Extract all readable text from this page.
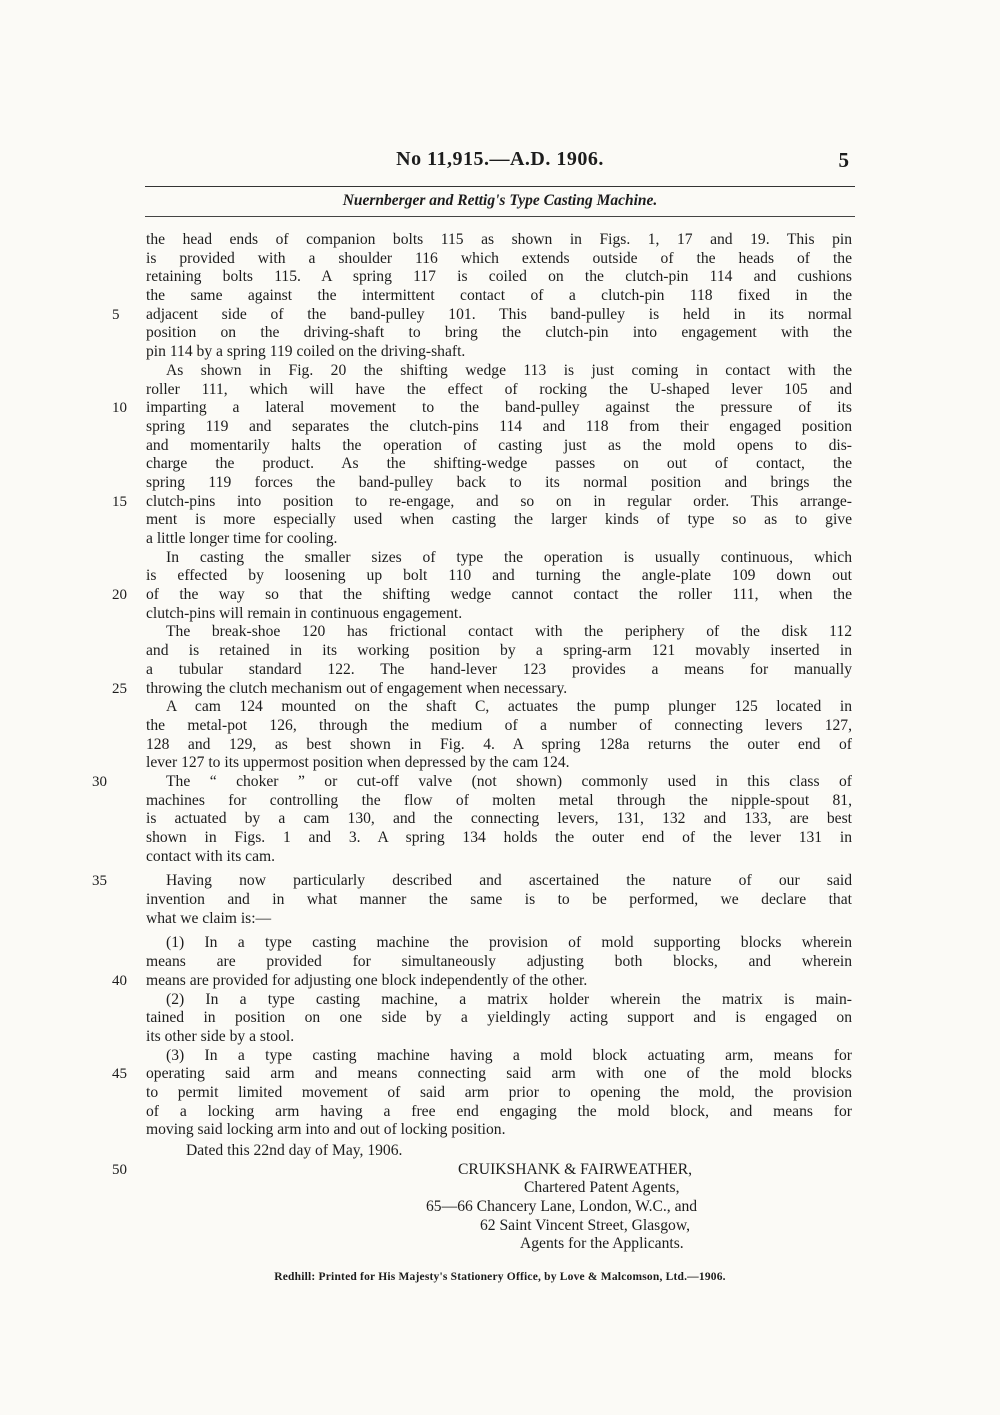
No 11,915.—A.D. 1906.	5
Nuernberger and Rettig's Type Casting Machine.
the head ends of companion bolts 115 as shown in Figs. 1, 17 and 19. This pin
is provided with a shoulder 116 which extends outside of the heads of the
retaining bolts 115. A spring 117 is coiled on the clutch-pin 114 and cushions
the same against the intermittent contact of a clutch-pin 118 fixed in the
5	adjacent side of the band-pulley 101. This band-pulley is held in its normal
position on the driving-shaft to bring the clutch-pin into engagement with the
pin 114 by a spring 119 coiled on the driving-shaft.
As shown in Fig. 20 the shifting wedge 113 is just coming in contact with the
roller 111, which will have the effect of rocking the U-shaped lever 105 and
10	imparting a lateral movement to the band-pulley against the pressure of its
spring 119 and separates the clutch-pins 114 and 118 from their engaged position
and momentarily halts the operation of casting just as the mold opens to dis-
charge the product. As the shifting-wedge passes on out of contact, the
spring 119 forces the band-pulley back to its normal position and brings the
15	clutch-pins into position to re-engage, and so on in regular order. This arrange-
ment is more especially used when casting the larger kinds of type so as to give
a little longer time for cooling.
In casting the smaller sizes of type the operation is usually continuous, which
is effected by loosening up bolt 110 and turning the angle-plate 109 down out
20	of the way so that the shifting wedge cannot contact the roller 111, when the
clutch-pins will remain in continuous engagement.
The break-shoe 120 has frictional contact with the periphery of the disk 112
and is retained in its working position by a spring-arm 121 movably inserted in
a tubular standard 122. The hand-lever 123 provides a means for manually
25	throwing the clutch mechanism out of engagement when necessary.
A cam 124 mounted on the shaft C, actuates the pump plunger 125 located in
the metal-pot 126, through the medium of a number of connecting levers 127,
128 and 129, as best shown in Fig. 4. A spring 128a returns the outer end of
lever 127 to its uppermost position when depressed by the cam 124.
30	The “ choker ” or cut-off valve (not shown) commonly used in this class of
machines for controlling the flow of molten metal through the nipple-spout 81,
is actuated by a cam 130, and the connecting levers, 131, 132 and 133, are best
shown in Figs. 1 and 3. A spring 134 holds the outer end of the lever 131 in
contact with its cam.
35	Having now particularly described and ascertained the nature of our said
invention and in what manner the same is to be performed, we declare that
what we claim is:—
(1) In a type casting machine the provision of mold supporting blocks wherein
means are provided for simultaneously adjusting both blocks, and wherein
40	means are provided for adjusting one block independently of the other.
(2) In a type casting machine, a matrix holder wherein the matrix is main-
tained in position on one side by a yieldingly acting support and is engaged on
its other side by a stool.
(3) In a type casting machine having a mold block actuating arm, means for
45	operating said arm and means connecting said arm with one of the mold blocks
to permit limited movement of said arm prior to opening the mold, the provision
of a locking arm having a free end engaging the mold block, and means for
moving said locking arm into and out of locking position.
Dated this 22nd day of May, 1906.
50	CRUIKSHANK & FAIRWEATHER,
Chartered Patent Agents,
65—66 Chancery Lane, London, W.C., and
62 Saint Vincent Street, Glasgow,
Agents for the Applicants.
Redhill: Printed for His Majesty's Stationery Office, by Love & Malcomson, Ltd.—1906.
